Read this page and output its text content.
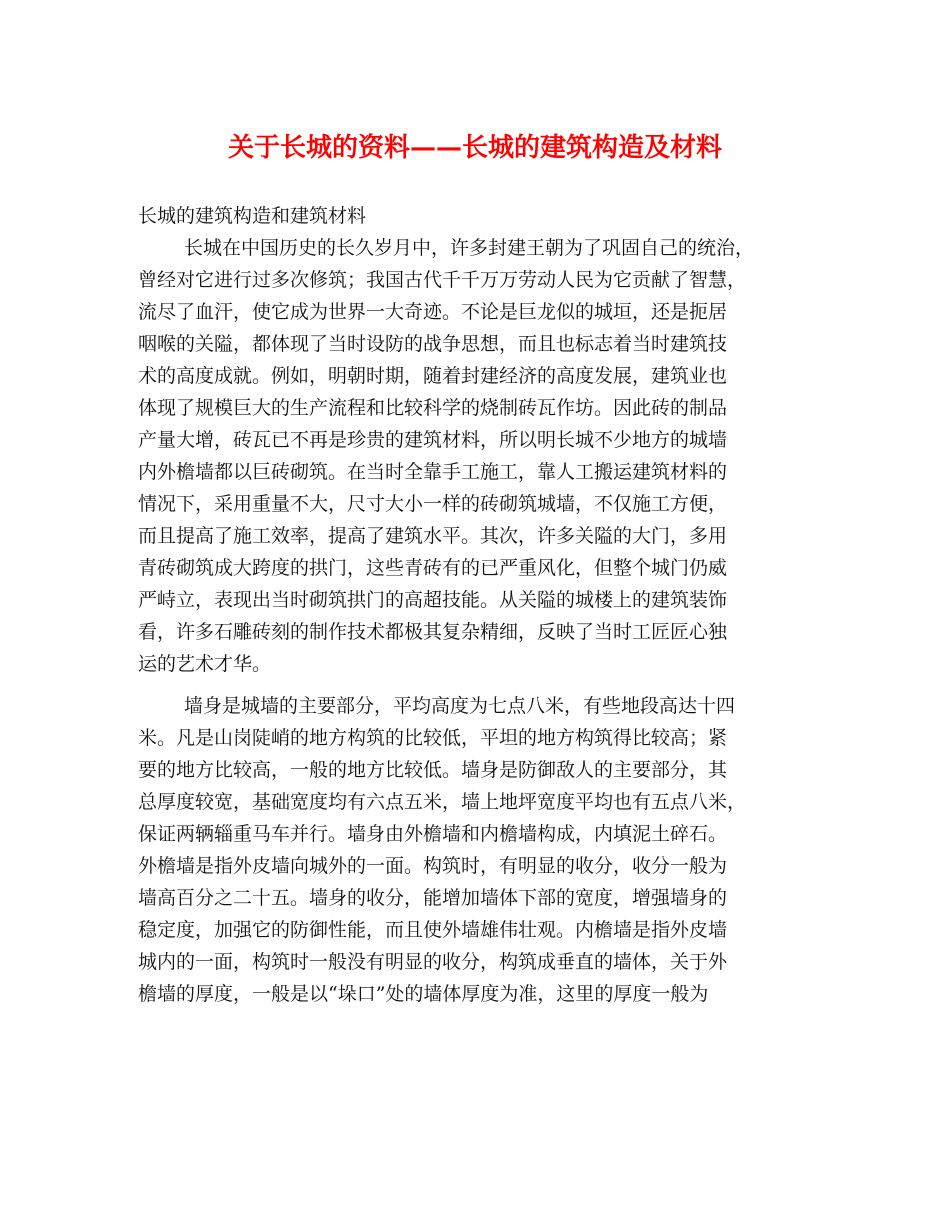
关于长城的资料——长城的建筑构造及材料
长城的建筑构造和建筑材料
长城在中国历史的长久岁月中，许多封建王朝为了巩固自己的统治，
曾经对它进行过多次修筑；我国古代千千万万劳动人民为它贡献了智慧，
流尽了血汗，使它成为世界一大奇迹。不论是巨龙似的城垣，还是扼居
咽喉的关隘，都体现了当时设防的战争思想，而且也标志着当时建筑技
术的高度成就。例如，明朝时期，随着封建经济的高度发展，建筑业也
体现了规模巨大的生产流程和比较科学的烧制砖瓦作坊。因此砖的制品
产量大增，砖瓦已不再是珍贵的建筑材料，所以明长城不少地方的城墙
内外檐墙都以巨砖砌筑。在当时全靠手工施工，靠人工搬运建筑材料的
情况下，采用重量不大，尺寸大小一样的砖砌筑城墙，不仅施工方便，
而且提高了施工效率，提高了建筑水平。其次，许多关隘的大门，多用
青砖砌筑成大跨度的拱门，这些青砖有的已严重风化，但整个城门仍威
严峙立，表现出当时砌筑拱门的高超技能。从关隘的城楼上的建筑装饰
看，许多石雕砖刻的制作技术都极其复杂精细，反映了当时工匠匠心独
运的艺术才华。
墙身是城墙的主要部分，平均高度为七点八米，有些地段高达十四
米。凡是山岗陡峭的地方构筑的比较低，平坦的地方构筑得比较高；紧
要的地方比较高，一般的地方比较低。墙身是防御敌人的主要部分，其
总厚度较宽，基础宽度均有六点五米，墙上地坪宽度平均也有五点八米，
保证两辆辎重马车并行。墙身由外檐墙和内檐墙构成，内填泥土碎石。
外檐墙是指外皮墙向城外的一面。构筑时，有明显的收分，收分一般为
墙高百分之二十五。墙身的收分，能增加墙体下部的宽度，增强墙身的
稳定度，加强它的防御性能，而且使外墙雄伟壮观。内檐墙是指外皮墙
城内的一面，构筑时一般没有明显的收分，构筑成垂直的墙体，关于外
檐墙的厚度，一般是以“垛口”处的墙体厚度为准，这里的厚度一般为
